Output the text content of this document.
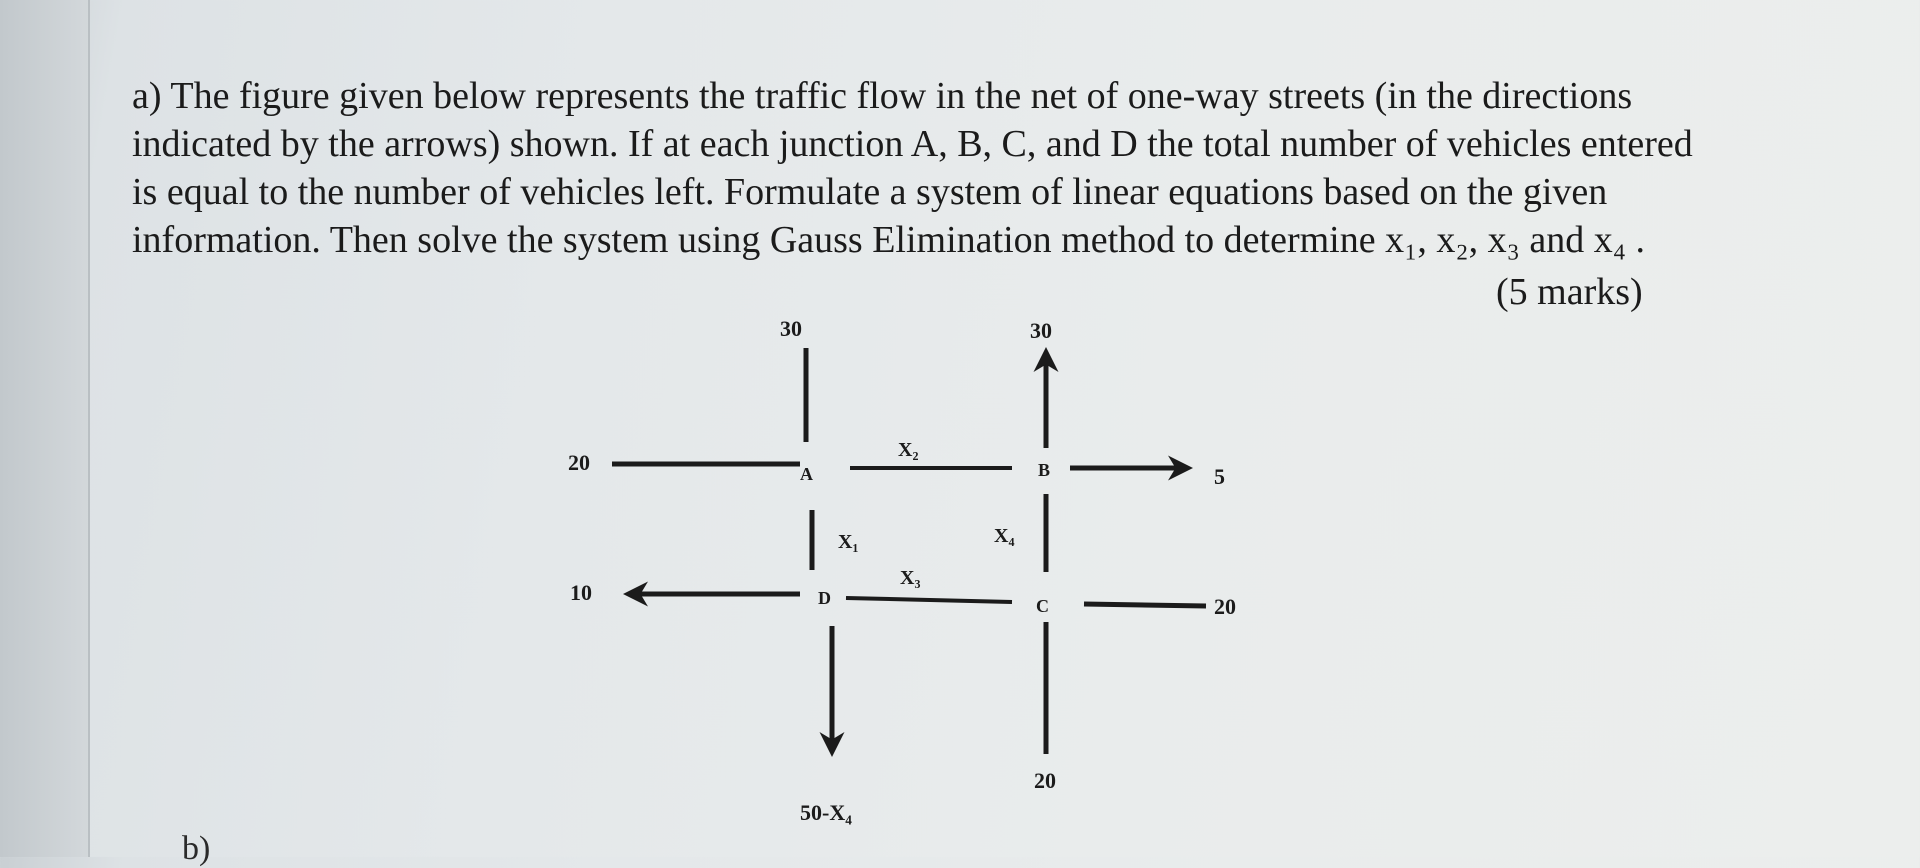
a) The figure given below represents the traffic flow in the net of one-way streets (in the directions

indicated by the arrows) shown. If at each junction A, B, C, and D the total number of vehicles entered

is equal to the number of vehicles left. Formulate a system of linear equations based on the given

information. Then solve the system using Gauss Elimination method to determine x₁, x₂, x₃ and x₄ .

(5 marks)
30	30
20
5
10
20
20
50-X₄
X₁
X₂
X₃
X₄
A	B
C
D
b)
